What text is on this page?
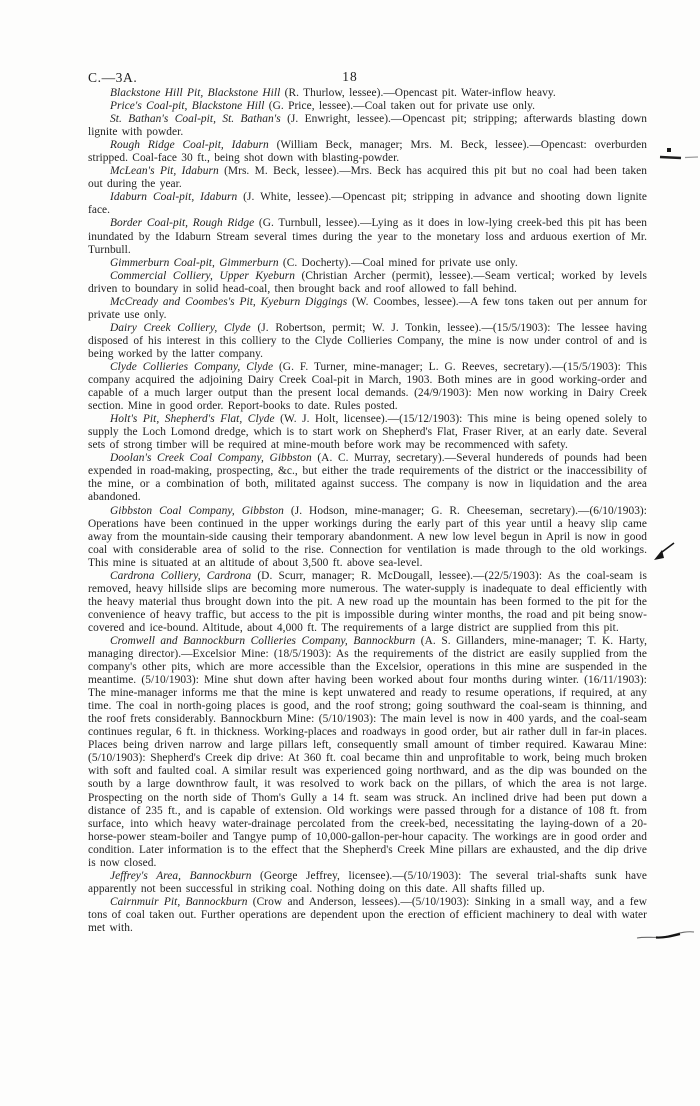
C.—3A.	18

Blackstone Hill Pit, Blackstone Hill (R. Thurlow, lessee).—Opencast pit. Water-inflow heavy.

Price's Coal-pit, Blackstone Hill (G. Price, lessee).—Coal taken out for private use only.

St. Bathan's Coal-pit, St. Bathan's (J. Enwright, lessee).—Opencast pit; stripping; afterwards blasting down lignite with powder.

Rough Ridge Coal-pit, Idaburn (William Beck, manager; Mrs. M. Beck, lessee).—Opencast: overburden stripped. Coal-face 30 ft., being shot down with blasting-powder.

McLean's Pit, Idaburn (Mrs. M. Beck, lessee).—Mrs. Beck has acquired this pit but no coal had been taken out during the year.

Idaburn Coal-pit, Idaburn (J. White, lessee).—Opencast pit; stripping in advance and shooting down lignite face.

Border Coal-pit, Rough Ridge (G. Turnbull, lessee).—Lying as it does in low-lying creek-bed this pit has been inundated by the Idaburn Stream several times during the year to the monetary loss and arduous exertion of Mr. Turnbull.

Gimmerburn Coal-pit, Gimmerburn (C. Docherty).—Coal mined for private use only.

Commercial Colliery, Upper Kyeburn (Christian Archer (permit), lessee).—Seam vertical; worked by levels driven to boundary in solid head-coal, then brought back and roof allowed to fall behind.

McCready and Coombes's Pit, Kyeburn Diggings (W. Coombes, lessee).—A few tons taken out per annum for private use only.

Dairy Creek Colliery, Clyde (J. Robertson, permit; W. J. Tonkin, lessee).—(15/5/1903): The lessee having disposed of his interest in this colliery to the Clyde Collieries Company, the mine is now under control of and is being worked by the latter company.

Clyde Collieries Company, Clyde (G. F. Turner, mine-manager; L. G. Reeves, secretary).—(15/5/1903): This company acquired the adjoining Dairy Creek Coal-pit in March, 1903. Both mines are in good working-order and capable of a much larger output than the present local demands. (24/9/1903): Men now working in Dairy Creek section. Mine in good order. Report-books to date. Rules posted.

Holt's Pit, Shepherd's Flat, Clyde (W. J. Holt, licensee).—(15/12/1903): This mine is being opened solely to supply the Loch Lomond dredge, which is to start work on Shepherd's Flat, Fraser River, at an early date. Several sets of strong timber will be required at mine-mouth before work may be recommenced with safety.

Doolan's Creek Coal Company, Gibbston (A. C. Murray, secretary).—Several hundereds of pounds had been expended in road-making, prospecting, &c., but either the trade requirements of the district or the inaccessibility of the mine, or a combination of both, militated against success. The company is now in liquidation and the area abandoned.

Gibbston Coal Company, Gibbston (J. Hodson, mine-manager; G. R. Cheeseman, secretary).—(6/10/1903): Operations have been continued in the upper workings during the early part of this year until a heavy slip came away from the mountain-side causing their temporary abandonment. A new low level begun in April is now in good coal with considerable area of solid to the rise. Connection for ventilation is made through to the old workings. This mine is situated at an altitude of about 3,500 ft. above sea-level.

Cardrona Colliery, Cardrona (D. Scurr, manager; R. McDougall, lessee).—(22/5/1903): As the coal-seam is removed, heavy hillside slips are becoming more numerous. The water-supply is inadequate to deal efficiently with the heavy material thus brought down into the pit. A new road up the mountain has been formed to the pit for the convenience of heavy traffic, but access to the pit is impossible during winter months, the road and pit being snow-covered and ice-bound. Altitude, about 4,000 ft. The requirements of a large district are supplied from this pit.

Cromwell and Bannockburn Collieries Company, Bannockburn (A. S. Gillanders, mine-manager; T. K. Harty, managing director).—Excelsior Mine: (18/5/1903): As the requirements of the district are easily supplied from the company's other pits, which are more accessible than the Excelsior, operations in this mine are suspended in the meantime. (5/10/1903): Mine shut down after having been worked about four months during winter. (16/11/1903): The mine-manager informs me that the mine is kept unwatered and ready to resume operations, if required, at any time. The coal in north-going places is good, and the roof strong; going southward the coal-seam is thinning, and the roof frets considerably. Bannockburn Mine: (5/10/1903): The main level is now in 400 yards, and the coal-seam continues regular, 6 ft. in thickness. Working-places and roadways in good order, but air rather dull in far-in places. Places being driven narrow and large pillars left, consequently small amount of timber required. Kawarau Mine: (5/10/1903): Shepherd's Creek dip drive: At 360 ft. coal became thin and unprofitable to work, being much broken with soft and faulted coal. A similar result was experienced going northward, and as the dip was bounded on the south by a large downthrow fault, it was resolved to work back on the pillars, of which the area is not large. Prospecting on the north side of Thom's Gully a 14 ft. seam was struck. An inclined drive had been put down a distance of 235 ft., and is capable of extension. Old workings were passed through for a distance of 108 ft. from surface, into which heavy water-drainage percolated from the creek-bed, necessitating the laying-down of a 20-horse-power steam-boiler and Tangye pump of 10,000-gallon-per-hour capacity. The workings are in good order and condition. Later information is to the effect that the Shepherd's Creek Mine pillars are exhausted, and the dip drive is now closed.

Jeffrey's Area, Bannockburn (George Jeffrey, licensee).—(5/10/1903): The several trial-shafts sunk have apparently not been successful in striking coal. Nothing doing on this date. All shafts filled up.

Cairnmuir Pit, Bannockburn (Crow and Anderson, lessees).—(5/10/1903): Sinking in a small way, and a few tons of coal taken out. Further operations are dependent upon the erection of efficient machinery to deal with water met with.
